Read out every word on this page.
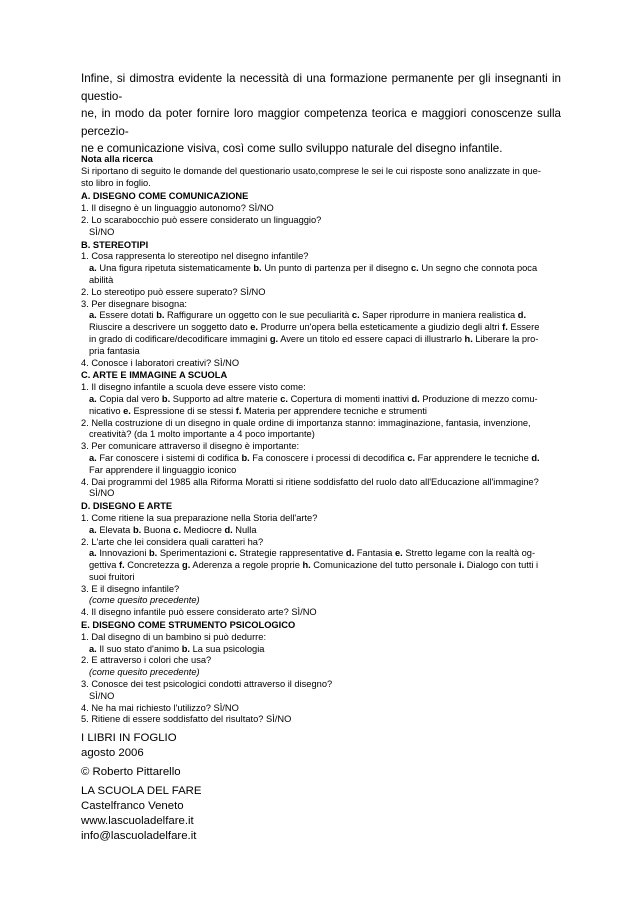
Infine, si dimostra evidente la necessità di una formazione permanente per gli insegnanti in questio-
ne, in modo da poter fornire loro maggior competenza teorica e maggiori conoscenze sulla percezio-
ne e comunicazione visiva, così come sullo sviluppo naturale del disegno infantile.
Nota alla ricerca
Si riportano di seguito le domande del questionario usato,comprese le sei le cui risposte sono analizzate in que-
sto libro in foglio.
A. DISEGNO COME COMUNICAZIONE
1. Il disegno è un linguaggio autonomo? SÌ/NO
2. Lo scarabocchio può essere considerato un linguaggio?
SÌ/NO
B. STEREOTIPI
1. Cosa rappresenta lo stereotipo nel disegno infantile?
a. Una figura ripetuta sistematicamente b. Un punto di partenza per il disegno c. Un segno che connota poca
abilità
2. Lo stereotipo può essere superato? SÌ/NO
3. Per disegnare bisogna:
a. Essere dotati b. Raffigurare un oggetto con le sue peculiarità c. Saper riprodurre in maniera realistica d.
Riuscire a descrivere un soggetto dato e. Produrre un'opera bella esteticamente a giudizio degli altri f. Essere
in grado di codificare/decodificare immagini g. Avere un titolo ed essere capaci di illustrarlo h. Liberare la pro-
pria fantasia
4. Conosce i laboratori creativi? SÌ/NO
C. ARTE E IMMAGINE A SCUOLA
1. Il disegno infantile a scuola deve essere visto come:
a. Copia dal vero b. Supporto ad altre materie c. Copertura di momenti inattivi d. Produzione di mezzo comu-
nicativo e. Espressione di se stessi f. Materia per apprendere tecniche e strumenti
2. Nella costruzione di un disegno in quale ordine di importanza stanno: immaginazione, fantasia, invenzione,
creatività? (da 1 molto importante a 4 poco importante)
3. Per comunicare attraverso il disegno è importante:
a. Far conoscere i sistemi di codifica b. Fa conoscere i processi di decodifica c. Far apprendere le tecniche d.
Far apprendere il linguaggio iconico
4. Dai programmi del 1985 alla Riforma Moratti si ritiene soddisfatto del ruolo dato all'Educazione all'immagine?
SÌ/NO
D. DISEGNO E ARTE
1. Come ritiene la sua preparazione nella Storia dell'arte?
a. Elevata b. Buona c. Mediocre d. Nulla
2. L'arte che lei considera quali caratteri ha?
a. Innovazioni b. Sperimentazioni c. Strategie rappresentative d. Fantasia e. Stretto legame con la realtà og-
gettiva f. Concretezza g. Aderenza a regole proprie h. Comunicazione del tutto personale i. Dialogo con tutti i
suoi fruitori
3. E il disegno infantile?
(come quesito precedente)
4. Il disegno infantile può essere considerato arte? SÌ/NO
E. DISEGNO COME STRUMENTO PSICOLOGICO
1. Dal disegno di un bambino si può dedurre:
a. Il suo stato d'animo b. La sua psicologia
2. E attraverso i colori che usa?
(come quesito precedente)
3. Conosce dei test psicologici condotti attraverso il disegno?
SÌ/NO
4. Ne ha mai richiesto l'utilizzo? SÌ/NO
5. Ritiene di essere soddisfatto del risultato? SÌ/NO
I LIBRI IN FOGLIO
agosto 2006
© Roberto Pittarello
LA SCUOLA DEL FARE
Castelfranco Veneto
www.lascuoladelfare.it
info@lascuoladelfare.it
